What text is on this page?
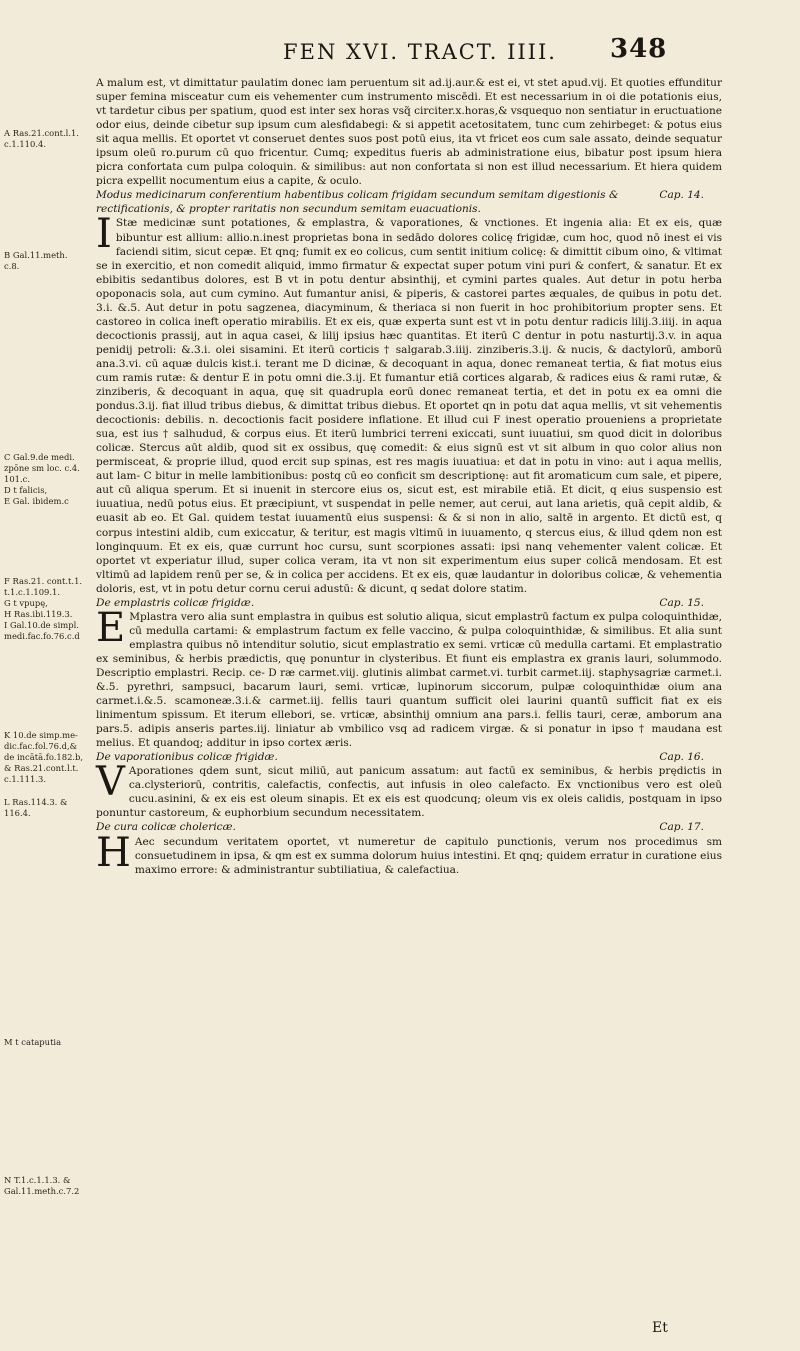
FEN XVI. TRACT. IIII.	348
A Ras.21.cont.l.1.
c.1.110.4.
B Gal.11.meth.
c.8.
C Gal.9.de medi.
zpōne sm loc. c.4.
101.c.
D t falicis,
E Gal. ibidem.c
F Ras.21. cont.t.1.
t.1.c.1.109.1.
G t vpupę,
H Ras.ibi.119.3.
I Gal.10.de simpl.
medi.fac.fo.76.c.d
K 10.de simp.me-
dic.fac.fol.76.d,&
de incātā.fo.182.b,
& Ras.21.cont.l.t.
c.1.111.3.
L Ras.114.3. &
116.4.
M t cataputia
N T.1.c.1.1.3. &
Gal.11.meth.c.7.2

A malum est, vt dimittatur paulatim donec iam peruentum sit ad.ij.aur.& est ei, vt stet apud.vij. Et quoties effunditur super femina misceatur cum eis vehementer cum instrumento miscēdi. Et est necessarium in oi die potationis eius, vt tardetur cibus per spatium, quod est inter sex horas vsq̃ circiter.x.horas,& vsquequo non sentiatur in eructuatione odor eius, deinde cibetur sup ipsum cum alesfidabegi: & si appetit acetositatem, tunc cum zehirbeget: & potus eius sit aqua mellis. Et oportet vt conseruet dentes suos post potū eius, ita vt fricet eos cum sale assato, deinde sequatur ipsum oleū ro.purum cū quo fricentur. Cumq; expeditus fueris ab administratione eius, bibatur post ipsum hiera picra confortata cum pulpa coloquin. & similibus: aut non confortata si non est illud necessarium. Et hiera quidem picra expellit nocumentum eius a capite, & oculo.

Modus medicinarum conferentium habentibus colicam frigidam secundum semitam digestionis & rectificationis, & propter raritatis non secundum semitam euacuationis.
Cap. 14.

I Stæ medicinæ sunt potationes, & emplastra, & vaporationes, & vnctiones. Et ingenia alia: Et ex eis, quæ bibuntur est allium: allio.n.inest proprietas bona in sedādo dolores colicę frigidæ, cum hoc, quod nō inest ei vis faciendi sitim, sicut cepæ. Et qnq; fumit ex eo colicus, cum sentit initium colicę: & dimittit cibum oino, & vltimat se in exercitio, et non comedit aliquid, immo firmatur & expectat super potum vini puri & confert, & sanatur. Et ex ebibitis sedantibus dolores, est B vt in potu dentur absinthij, et cymini partes quales. Aut detur in potu herba opoponacis sola, aut cum cymino. Aut fumantur anisi, & piperis, & castorei partes æquales, de quibus in potu det. 3.i. &.5. Aut detur in potu sagzenea, diacyminum, & theriaca si non fuerit in hoc prohibitorium propter sens. Et castoreo in colica ineft operatio mirabilis. Et ex eis, quæ experta sunt est vt in potu dentur radicis lilij.3.iiij. in aqua decoctionis prassij, aut in aqua casei, & lilij ipsius hæc quantitas. Et iterū C dentur in potu nasturtij.3.v. in aqua penidij petroli: &.3.i. olei sisamini. Et iterū corticis † salgarab.3.iiij. zinziberis.3.ij. & nucis, & dactylorū, amborū ana.3.vi. cū aquæ dulcis kist.i. terant me D dicinæ, & decoquant in aqua, donec remaneat tertia, & fiat motus eius cum ramis rutæ: & dentur E in potu omni die.3.ij. Et fumantur etiā cortices algarab, & radices eius & rami rutæ, & zinziberis, & decoquant in aqua, quę sit quadrupla eorū donec remaneat tertia, et det in potu ex ea omni die pondus.3.ij. fiat illud tribus diebus, & dimittat tribus diebus. Et oportet qn in potu dat aqua mellis, vt sit vehementis decoctionis: debilis. n. decoctionis facit posidere inflatione. Et illud cui F inest operatio proueniens a proprietate sua, est ius † salhudud, & corpus eius. Et iterū lumbrici terreni exiccati, sunt iuuatiui, sm quod dicit in doloribus colicæ. Stercus aūt aldib, quod sit ex ossibus, quę comedit: & eius signū est vt sit album in quo color alius non permisceat, & proprie illud, quod ercit sup spinas, est res magis iuuatiua: et dat in potu in vino: aut i aqua mellis, aut lam- C bitur in melle lambitionibus: postq cū eo conficit sm descriptionę: aut fit aromaticum cum sale, et pipere, aut cū aliqua sperum. Et si inuenit in stercore eius os, sicut est, est mirabile etiā. Et dicit, q eius suspensio est iuuatiua, nedū potus eius. Et præcipiunt, vt suspendat in pelle nemer, aut cerui, aut lana arietis, quā cepit aldib, & euasit ab eo. Et Gal. quidem testat iuuamentū eius suspensi: & & si non in alio, saltē in argento. Et dictū est, q corpus intestini aldib, cum exiccatur, & teritur, est magis vltimū in iuuamento, q stercus eius, & illud qdem non est longinquum. Et ex eis, quæ currunt hoc cursu, sunt scorpiones assati: ipsi nanq vehementer valent colicæ. Et oportet vt experiatur illud, super colica veram, ita vt non sit experimentum eius super colicā mendosam. Et est vltimū ad lapidem renū per se, & in colica per accidens. Et ex eis, quæ laudantur in doloribus colicæ, & vehementia doloris, est, vt in potu detur cornu cerui adustū: & dicunt, q sedat dolore statim.

De emplastris colicæ frigidæ.	Cap. 15.

E Mplastra vero alia sunt emplastra in quibus est solutio aliqua, sicut emplastrū factum ex pulpa coloquinthidæ, cū medulla cartami: & emplastrum factum ex felle vaccino, & pulpa coloquinthidæ, & similibus. Et alia sunt emplastra quibus nō intenditur solutio, sicut emplastratio ex semi. vrticæ cū medulla cartami. Et emplastratio ex seminibus, & herbis prædictis, quę ponuntur in clysteribus. Et fiunt eis emplastra ex granis lauri, solummodo. Descriptio emplastri. Recip. ce- D ræ carmet.viij. glutinis alimbat carmet.vi. turbit carmet.iij. staphysagriæ carmet.i. &.5. pyrethri, sampsuci, bacarum lauri, semi. vrticæ, lupinorum siccorum, pulpæ coloquinthidæ oium ana carmet.i.&.5. scamoneæ.3.i.& carmet.iij. fellis tauri quantum sufficit olei laurini quantū sufficit fiat ex eis linimentum spissum. Et iterum ellebori, se. vrticæ, absinthij omnium ana pars.i. fellis tauri, ceræ, amborum ana pars.5. adipis anseris partes.iij. liniatur ab vmbilico vsq ad radicem virgæ. & si ponatur in ipso † maudana est melius. Et quandoq; additur in ipso cortex æris.

De vaporationibus colicæ frigidæ.	Cap. 16.

V Aporationes qdem sunt, sicut miliū, aut panicum assatum: aut factū ex seminibus, & herbis prędictis in ca.clysteriorū, contritis, calefactis, confectis, aut infusis in oleo calefacto. Ex vnctionibus vero est oleū cucu.asinini, & ex eis est oleum sinapis. Et ex eis est quodcunq; oleum vis ex oleis calidis, postquam in ipso ponuntur castoreum, & euphorbium secundum necessitatem.

De cura colicæ cholericæ.	Cap. 17.

H Aec secundum veritatem oportet, vt numeretur de capitulo punctionis, verum nos procedimus sm consuetudinem in ipsa, & qm est ex summa dolorum huius intestini. Et qnq; quidem erratur in curatione eius maximo errore: & administrantur subtiliatiua, & calefactiua.

Et
